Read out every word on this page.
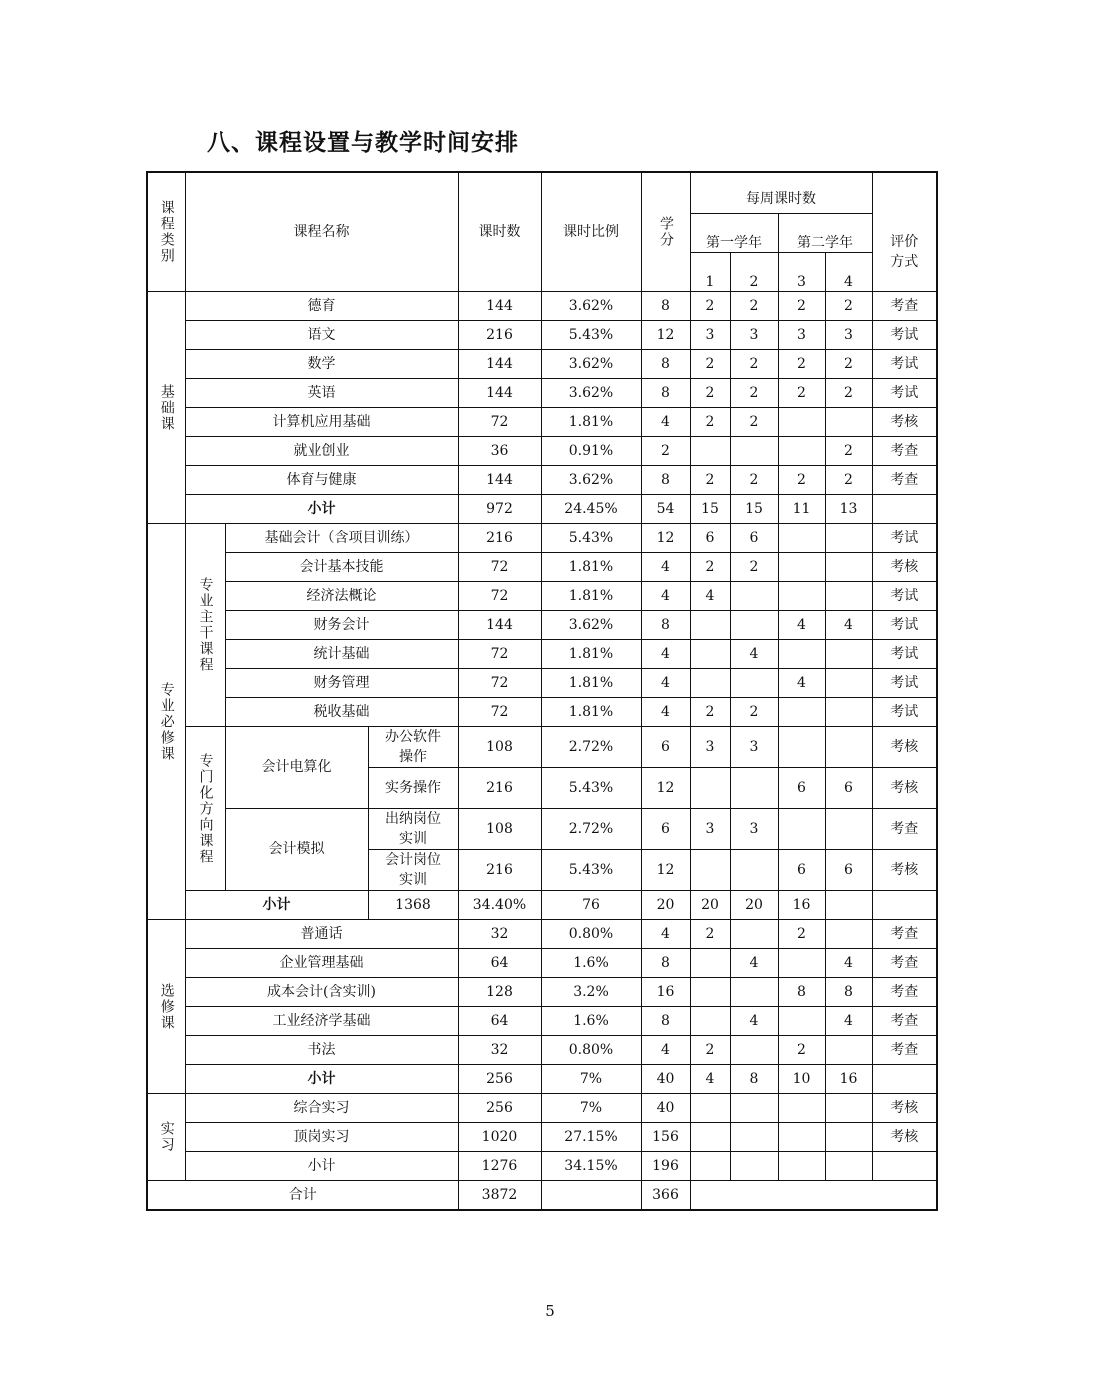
八、课程设置与教学时间安排
课程类别	课程名称			课时数	课时比例	学分	每周课时数				
							第一学年		第二学年		评价方式

							1	2	3	4	

基础课	德育			144	3.62%	8	2	2	2	2	考查
	语文			216	5.43%	12	3	3	3	3	考试
	数学			144	3.62%	8	2	2	2	2	考试
	英语			144	3.62%	8	2	2	2	2	考试
	计算机应用基础			72	1.81%	4	2	2			考核
	就业创业			36	0.91%	2				2	考查
	体育与健康			144	3.62%	8	2	2	2	2	考查
	小计			972	24.45%	54	15	15	11	13	

专业必修课	专业主干课程	基础会计（含项目训练）		216	5.43%	12	6	6			考试
		会计基本技能		72	1.81%	4	2	2			考核
		经济法概论		72	1.81%	4	4				考试
		财务会计		144	3.62%	8			4	4	考试
		统计基础		72	1.81%	4		4			考试
		财务管理		72	1.81%	4			4		考试
		税收基础		72	1.81%	4	2	2			考试

	专门化方向课程	会计电算化	办公软件操作	108	2.72%	6	3	3			考核
			实务操作	216	5.43%	12			6	6	考核
		会计模拟	出纳岗位实训	108	2.72%	6	3	3			考查
			会计岗位实训	216	5.43%	12			6	6	考核
	小计		1368	34.40%	76	20	20	20	16		

选修课	普通话			32	0.80%	4	2		2		考查
	企业管理基础			64	1.6%	8		4		4	考查
	成本会计(含实训)			128	3.2%	16			8	8	考查
	工业经济学基础			64	1.6%	8		4		4	考查
	书法			32	0.80%	4	2		2		考查
	小计			256	7%	40	4	8	10	16	

实习	综合实习			256	7%	40					考核
	顶岗实习			1020	27.15%	156					考核
	小计			1276	34.15%	196					
合计				3872		366					
5
